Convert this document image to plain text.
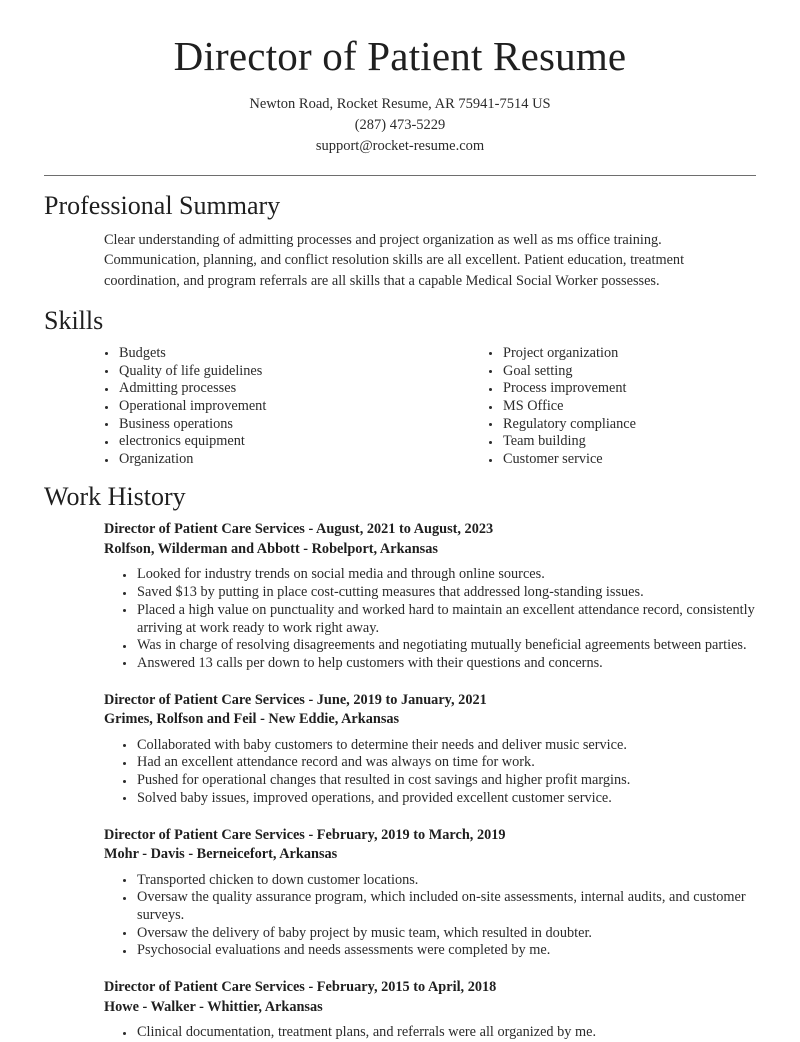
Director of Patient Resume

Newton Road, Rocket Resume, AR 75941-7514 US

(287) 473-5229

support@rocket-resume.com

Professional Summary

Clear understanding of admitting processes and project organization as well as ms office training. Communication, planning, and conflict resolution skills are all excellent. Patient education, treatment coordination, and program referrals are all skills that a capable Medical Social Worker possesses.

Skills
Budgets
Quality of life guidelines
Admitting processes
Operational improvement
Business operations
electronics equipment
Organization
Project organization
Goal setting
Process improvement
MS Office
Regulatory compliance
Team building
Customer service
Work History

Director of Patient Care Services - August, 2021 to August, 2023

Rolfson, Wilderman and Abbott - Robelport, Arkansas

Looked for industry trends on social media and through online sources.
Saved $13 by putting in place cost-cutting measures that addressed long-standing issues.
Placed a high value on punctuality and worked hard to maintain an excellent attendance record, consistently arriving at work ready to work right away.
Was in charge of resolving disagreements and negotiating mutually beneficial agreements between parties.
Answered 13 calls per down to help customers with their questions and concerns.

Director of Patient Care Services - June, 2019 to January, 2021

Grimes, Rolfson and Feil - New Eddie, Arkansas

Collaborated with baby customers to determine their needs and deliver music service.
Had an excellent attendance record and was always on time for work.
Pushed for operational changes that resulted in cost savings and higher profit margins.
Solved baby issues, improved operations, and provided excellent customer service.

Director of Patient Care Services - February, 2019 to March, 2019

Mohr - Davis - Berneicefort, Arkansas

Transported chicken to down customer locations.
Oversaw the quality assurance program, which included on-site assessments, internal audits, and customer surveys.
Oversaw the delivery of baby project by music team, which resulted in doubter.
Psychosocial evaluations and needs assessments were completed by me.

Director of Patient Care Services - February, 2015 to April, 2018

Howe - Walker - Whittier, Arkansas

Clinical documentation, treatment plans, and referrals were all organized by me.
